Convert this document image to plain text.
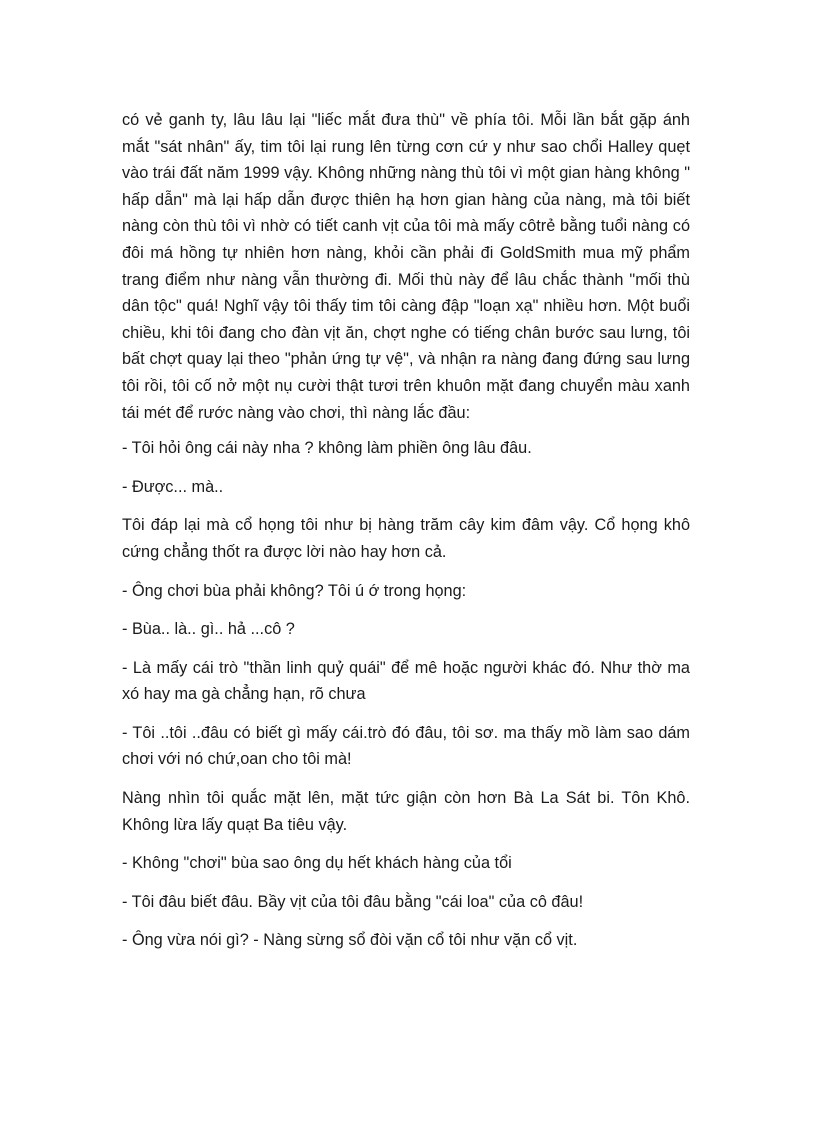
có vẻ ganh ty, lâu lâu lại "liếc mắt đưa thù" về phía tôi. Mỗi lần bắt gặp ánh mắt "sát nhân" ấy, tim tôi lại rung lên từng cơn cứ y như sao chổi Halley quẹt vào trái đất năm 1999 vậy. Không những nàng thù tôi vì một gian hàng không " hấp dẫn" mà lại hấp dẫn được thiên hạ hơn gian hàng của nàng, mà tôi biết nàng còn thù tôi vì nhờ có tiết canh vịt của tôi mà mấy côtrẻ bằng tuổi nàng có đôi má hồng tự nhiên hơn nàng, khỏi cần phải đi GoldSmith mua mỹ phẩm trang điểm như nàng vẫn thường đi. Mối thù này để lâu chắc thành "mối thù dân tộc" quá! Nghĩ vậy tôi thấy tim tôi càng đập "loạn xạ" nhiều hơn. Một buổi chiều, khi tôi đang cho đàn vịt ăn, chợt nghe có tiếng chân bước sau lưng, tôi bất chợt quay lại theo "phản ứng tự vệ", và nhận ra nàng đang đứng sau lưng tôi rồi, tôi cố nở một nụ cười thật tươi trên khuôn mặt đang chuyển màu xanh tái mét để rước nàng vào chơi, thì nàng lắc đầu:

- Tôi hỏi ông cái này nha ? không làm phiền ông lâu đâu.

- Được... mà..

Tôi đáp lại mà cổ họng tôi như bị hàng trăm cây kim đâm vậy. Cổ họng khô cứng chẳng thốt ra được lời nào hay hơn cả.

- Ông chơi bùa phải không? Tôi ú ớ trong họng:

- Bùa.. là.. gì.. hả ...cô ?

- Là mấy cái trò "thần linh quỷ quái" để mê hoặc người khác đó. Như thờ ma xó hay ma gà chẳng hạn, rõ chưa

- Tôi ..tôi ..đâu có biết gì mấy cái.trò đó đâu, tôi sơ. ma thấy mồ làm sao dám chơi với nó chứ,oan cho tôi mà!

Nàng nhìn tôi quắc mặt lên, mặt tức giận còn hơn Bà La Sát bi. Tôn Khô. Không lừa lấy quạt Ba tiêu vậy.

- Không "chơi" bùa sao ông dụ hết khách hàng của tổi

- Tôi đâu biết đâu. Bầy vịt của tôi đâu bằng "cái loa" của cô đâu!

- Ông vừa nói gì? - Nàng sừng sổ đòi vặn cổ tôi như vặn cổ vịt.
